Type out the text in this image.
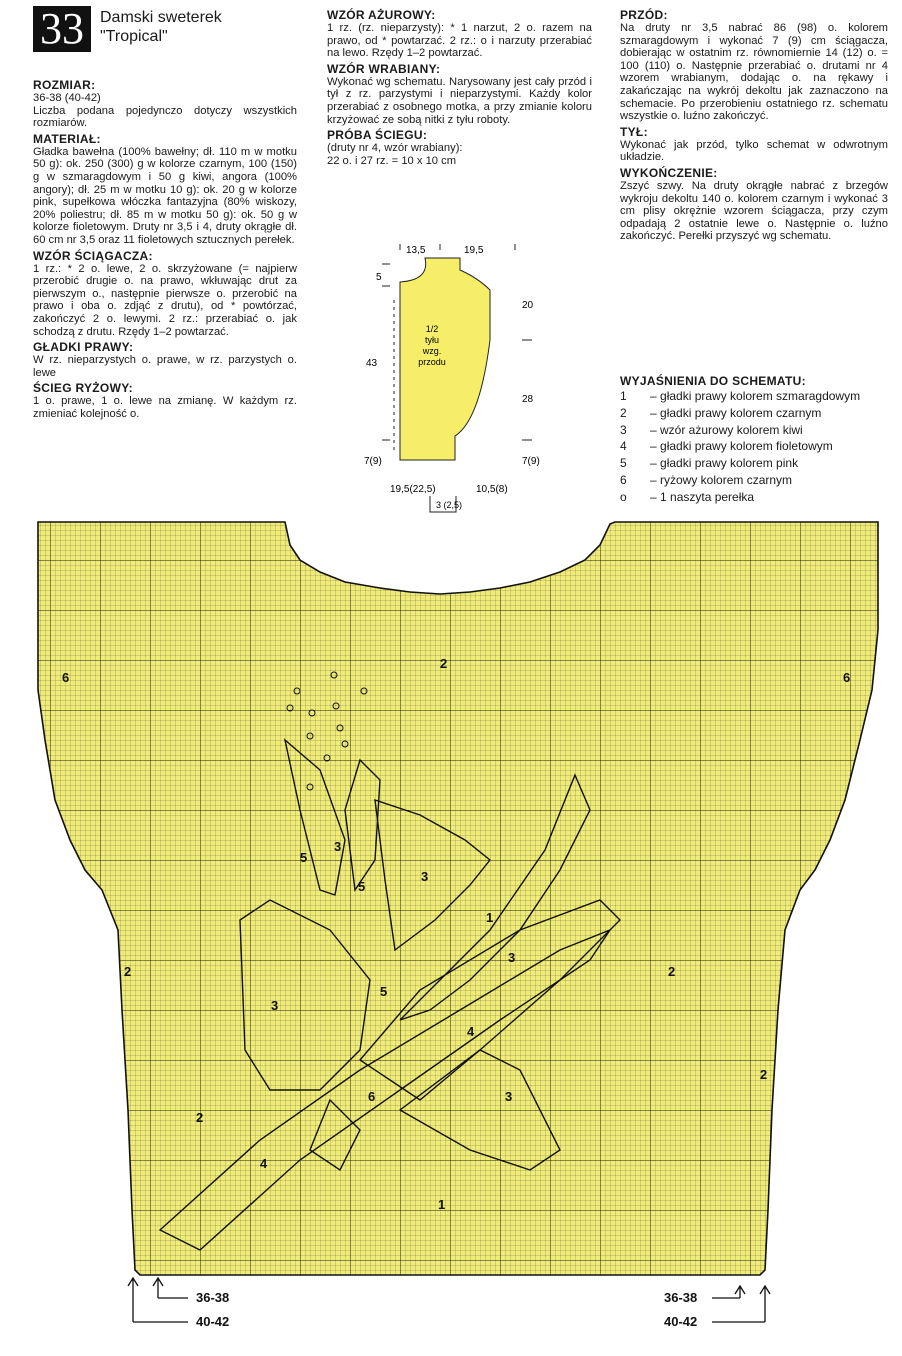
33	Damski sweterek
"Tropical"
ROZMIAR:

36-38 (40-42)

Liczba podana pojedynczo dotyczy wszystkich rozmiarów.

MATERIAŁ:

Gładka bawełna (100% bawełny; dł. 110 m w motku 50 g): ok. 250 (300) g w kolorze czarnym, 100 (150) g w szmaragdowym i 50 g kiwi, angora (100% angory); dł. 25 m w motku 10 g): ok. 20 g w kolorze pink, supełkowa włóczka fantazyjna (80% wiskozy, 20% poliestru; dł. 85 m w motku 50 g): ok. 50 g w kolorze fioletowym. Druty nr 3,5 i 4, druty okrągłe dł. 60 cm nr 3,5 oraz 11 fioletowych sztucznych perełek.

WZÓR ŚCIĄGACZA:

1 rz.: * 2 o. lewe, 2 o. skrzyżowane (= najpierw przerobić drugie o. na prawo, wkłuwając drut za pierwszym o., następnie pierwsze o. przerobić na prawo i oba o. zdjąć z drutu), od * powtórzać, zakończyć 2 o. lewymi. 2 rz.: przerabiać o. jak schodzą z drutu. Rzędy 1–2 powtarzać.

GŁADKI PRAWY:

W rz. nieparzystych o. prawe, w rz. parzystych o. lewe

ŚCIEG RYŻOWY:

1 o. prawe, 1 o. lewe na zmianę. W każdym rz. zmieniać kolejność o.

WZÓR AŻUROWY:

1 rz. (rz. nieparzysty): * 1 narzut, 2 o. razem na prawo, od * powtarzać. 2 rz.: o i narzuty przerabiać na lewo. Rzędy 1–2 powtarzać.

WZÓR WRABIANY:

Wykonać wg schematu. Narysowany jest cały przód i tył z rz. parzystymi i nieparzystymi. Każdy kolor przerabiać z osobnego motka, a przy zmianie koloru krzyżować ze sobą nitki z tyłu roboty.

PRÓBA ŚCIEGU:

(druty nr 4, wzór wrabiany):

22 o. i 27 rz. = 10 x 10 cm

PRZÓD:

Na druty nr 3,5 nabrać 86 (98) o. kolorem szmaragdowym i wykonać 7 (9) cm ściągacza, dobierając w ostatnim rz. równomiernie 14 (12) o. = 100 (110) o. Następnie przerabiać o. drutami nr 4 wzorem wrabianym, dodając o. na rękawy i zakańczając na wykrój dekoltu jak zaznaczono na schemacie. Po przerobieniu ostatniego rz. schematu wszystkie o. luźno zakończyć.

TYŁ:

Wykonać jak przód, tylko schemat w odwrotnym układzie.

WYKOŃCZENIE:

Zszyć szwy. Na druty okrągłe nabrać z brzegów wykroju dekoltu 140 o. kolorem czarnym i wykonać 3 cm plisy okrężnie wzorem ściągacza, przy czym odpadają 2 ostatnie lewe o. Następnie o. luźno zakończyć. Perełki przyszyć wg schematu.

WYJAŚNIENIA DO SCHEMATU:
1 – gładki prawy kolorem szmaragdowym
2 – gładki prawy kolorem czarnym
3 – wzór ażurowy kolorem kiwi
4 – gładki prawy kolorem fioletowym
5 – gładki prawy kolorem pink
6 – ryżowy kolorem czarnym
o – 1 naszyta perełka
13,5	19,5
5
43
20
28
7(9)	7(9)
19,5(22,5)	10,5(8)
3 (2,5)
1/2
tyłu
wzg.
przodu
6
2
6
3
5
5
3
1
3
2
3
5
2
4
3
6
2
2
4
1
36-38
40-42
36-38
40-42
